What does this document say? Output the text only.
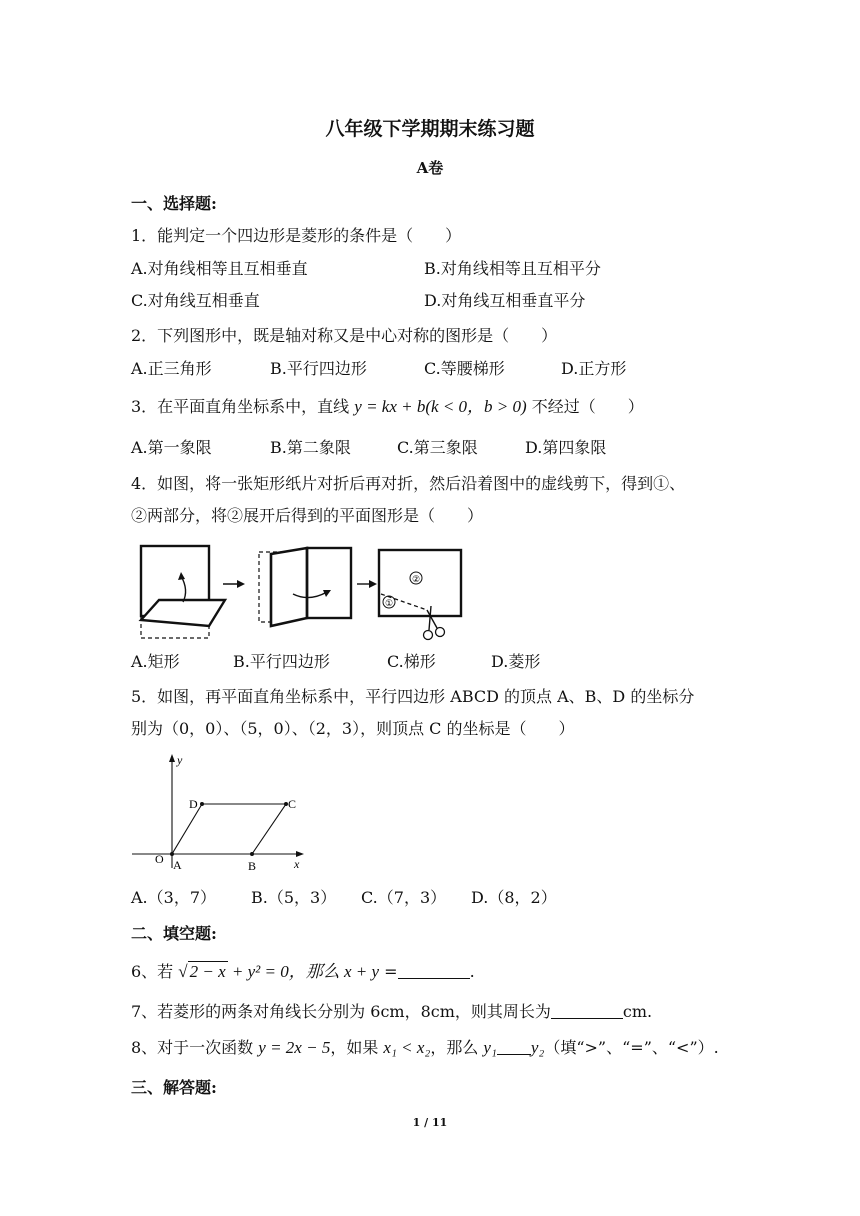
八年级下学期期末练习题
A卷
一、选择题:
1．能判定一个四边形是菱形的条件是（　　）
A.对角线相等且互相垂直	B.对角线相等且互相平分
C.对角线互相垂直	D.对角线互相垂直平分
2．下列图形中，既是轴对称又是中心对称的图形是（　　）
A.正三角形	B.平行四边形	C.等腰梯形	D.正方形
3．在平面直角坐标系中，直线 y = kx + b(k < 0，b > 0) 不经过（　　）
A.第一象限	B.第二象限	C.第三象限	D.第四象限
4．如图，将一张矩形纸片对折后再对折，然后沿着图中的虚线剪下，得到①、
②两部分，将②展开后得到的平面图形是（　　）
②
①
A.矩形	B.平行四边形	C.梯形	D.菱形
5．如图，再平面直角坐标系中，平行四边形 ABCD 的顶点 A、B、D 的坐标分
别为（0，0）、（5，0）、（2，3），则顶点 C 的坐标是（　　）
y
x
O A	B
C
D
A.（3，7） B.（5，3） C.（7，3） D.（8，2）
二、填空题:
6、若 √ 2 − x + y² = 0，那么 x + y =	.
7、若菱形的两条对角线长分别为 6cm，8cm，则其周长为	cm.
8、对于一次函数 y = 2x − 5，如果 x₁ < x₂，那么 y₁ y₂（填“>”、“=”、“<”）.
三、解答题:
1 / 11
